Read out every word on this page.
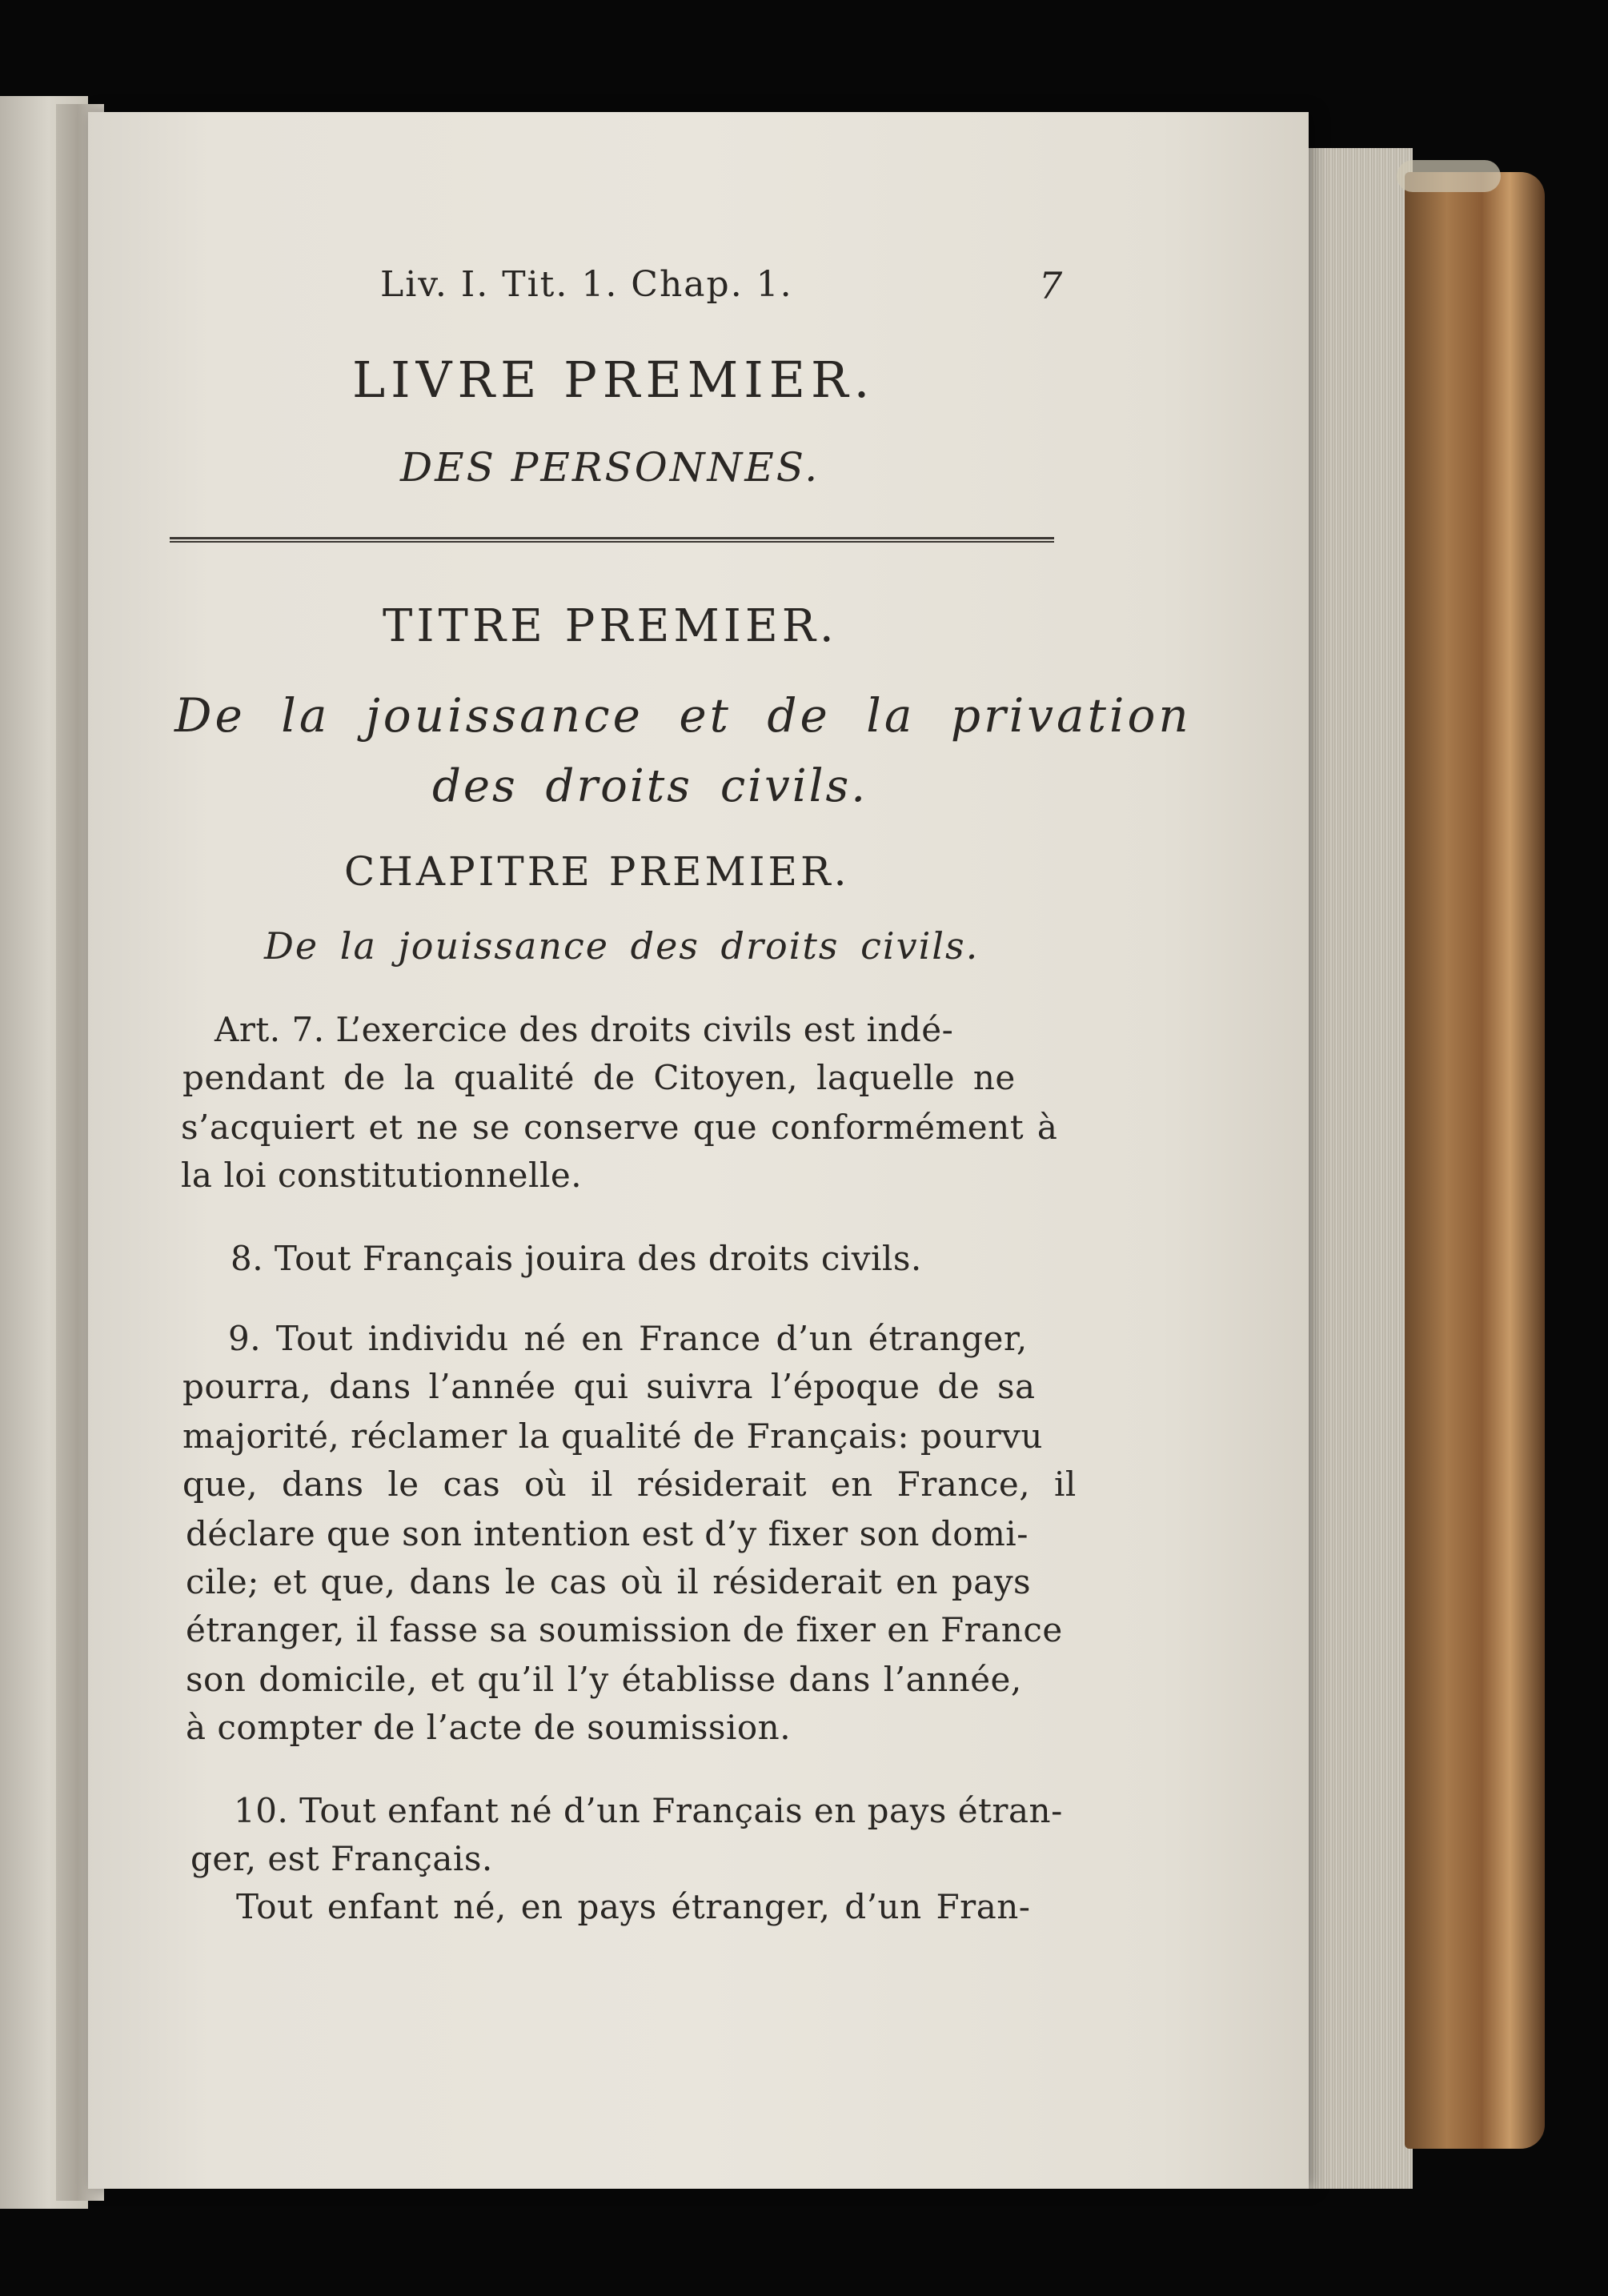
Liv. I. Tit. 1. Chap. 1.	7

LIVRE PREMIER.

DES PERSONNES.

TITRE PREMIER.

De la jouissance et de la privation

des droits civils.

CHAPITRE PREMIER.

De la jouissance des droits civils.

Art. 7. L’exercice des droits civils est indé-

pendant de la qualité de Citoyen, laquelle ne

s’acquiert et ne se conserve que conformément à

la loi constitutionnelle.

8. Tout Français jouira des droits civils.

9. Tout individu né en France d’un étranger,

pourra, dans l’année qui suivra l’époque de sa

majorité, réclamer la qualité de Français: pourvu

que, dans le cas où il résiderait en France, il

déclare que son intention est d’y fixer son domi-

cile; et que, dans le cas où il résiderait en pays

étranger, il fasse sa soumission de fixer en France

son domicile, et qu’il l’y établisse dans l’année,

à compter de l’acte de soumission.

10. Tout enfant né d’un Français en pays étran-

ger, est Français.

Tout enfant né, en pays étranger, d’un Fran-
